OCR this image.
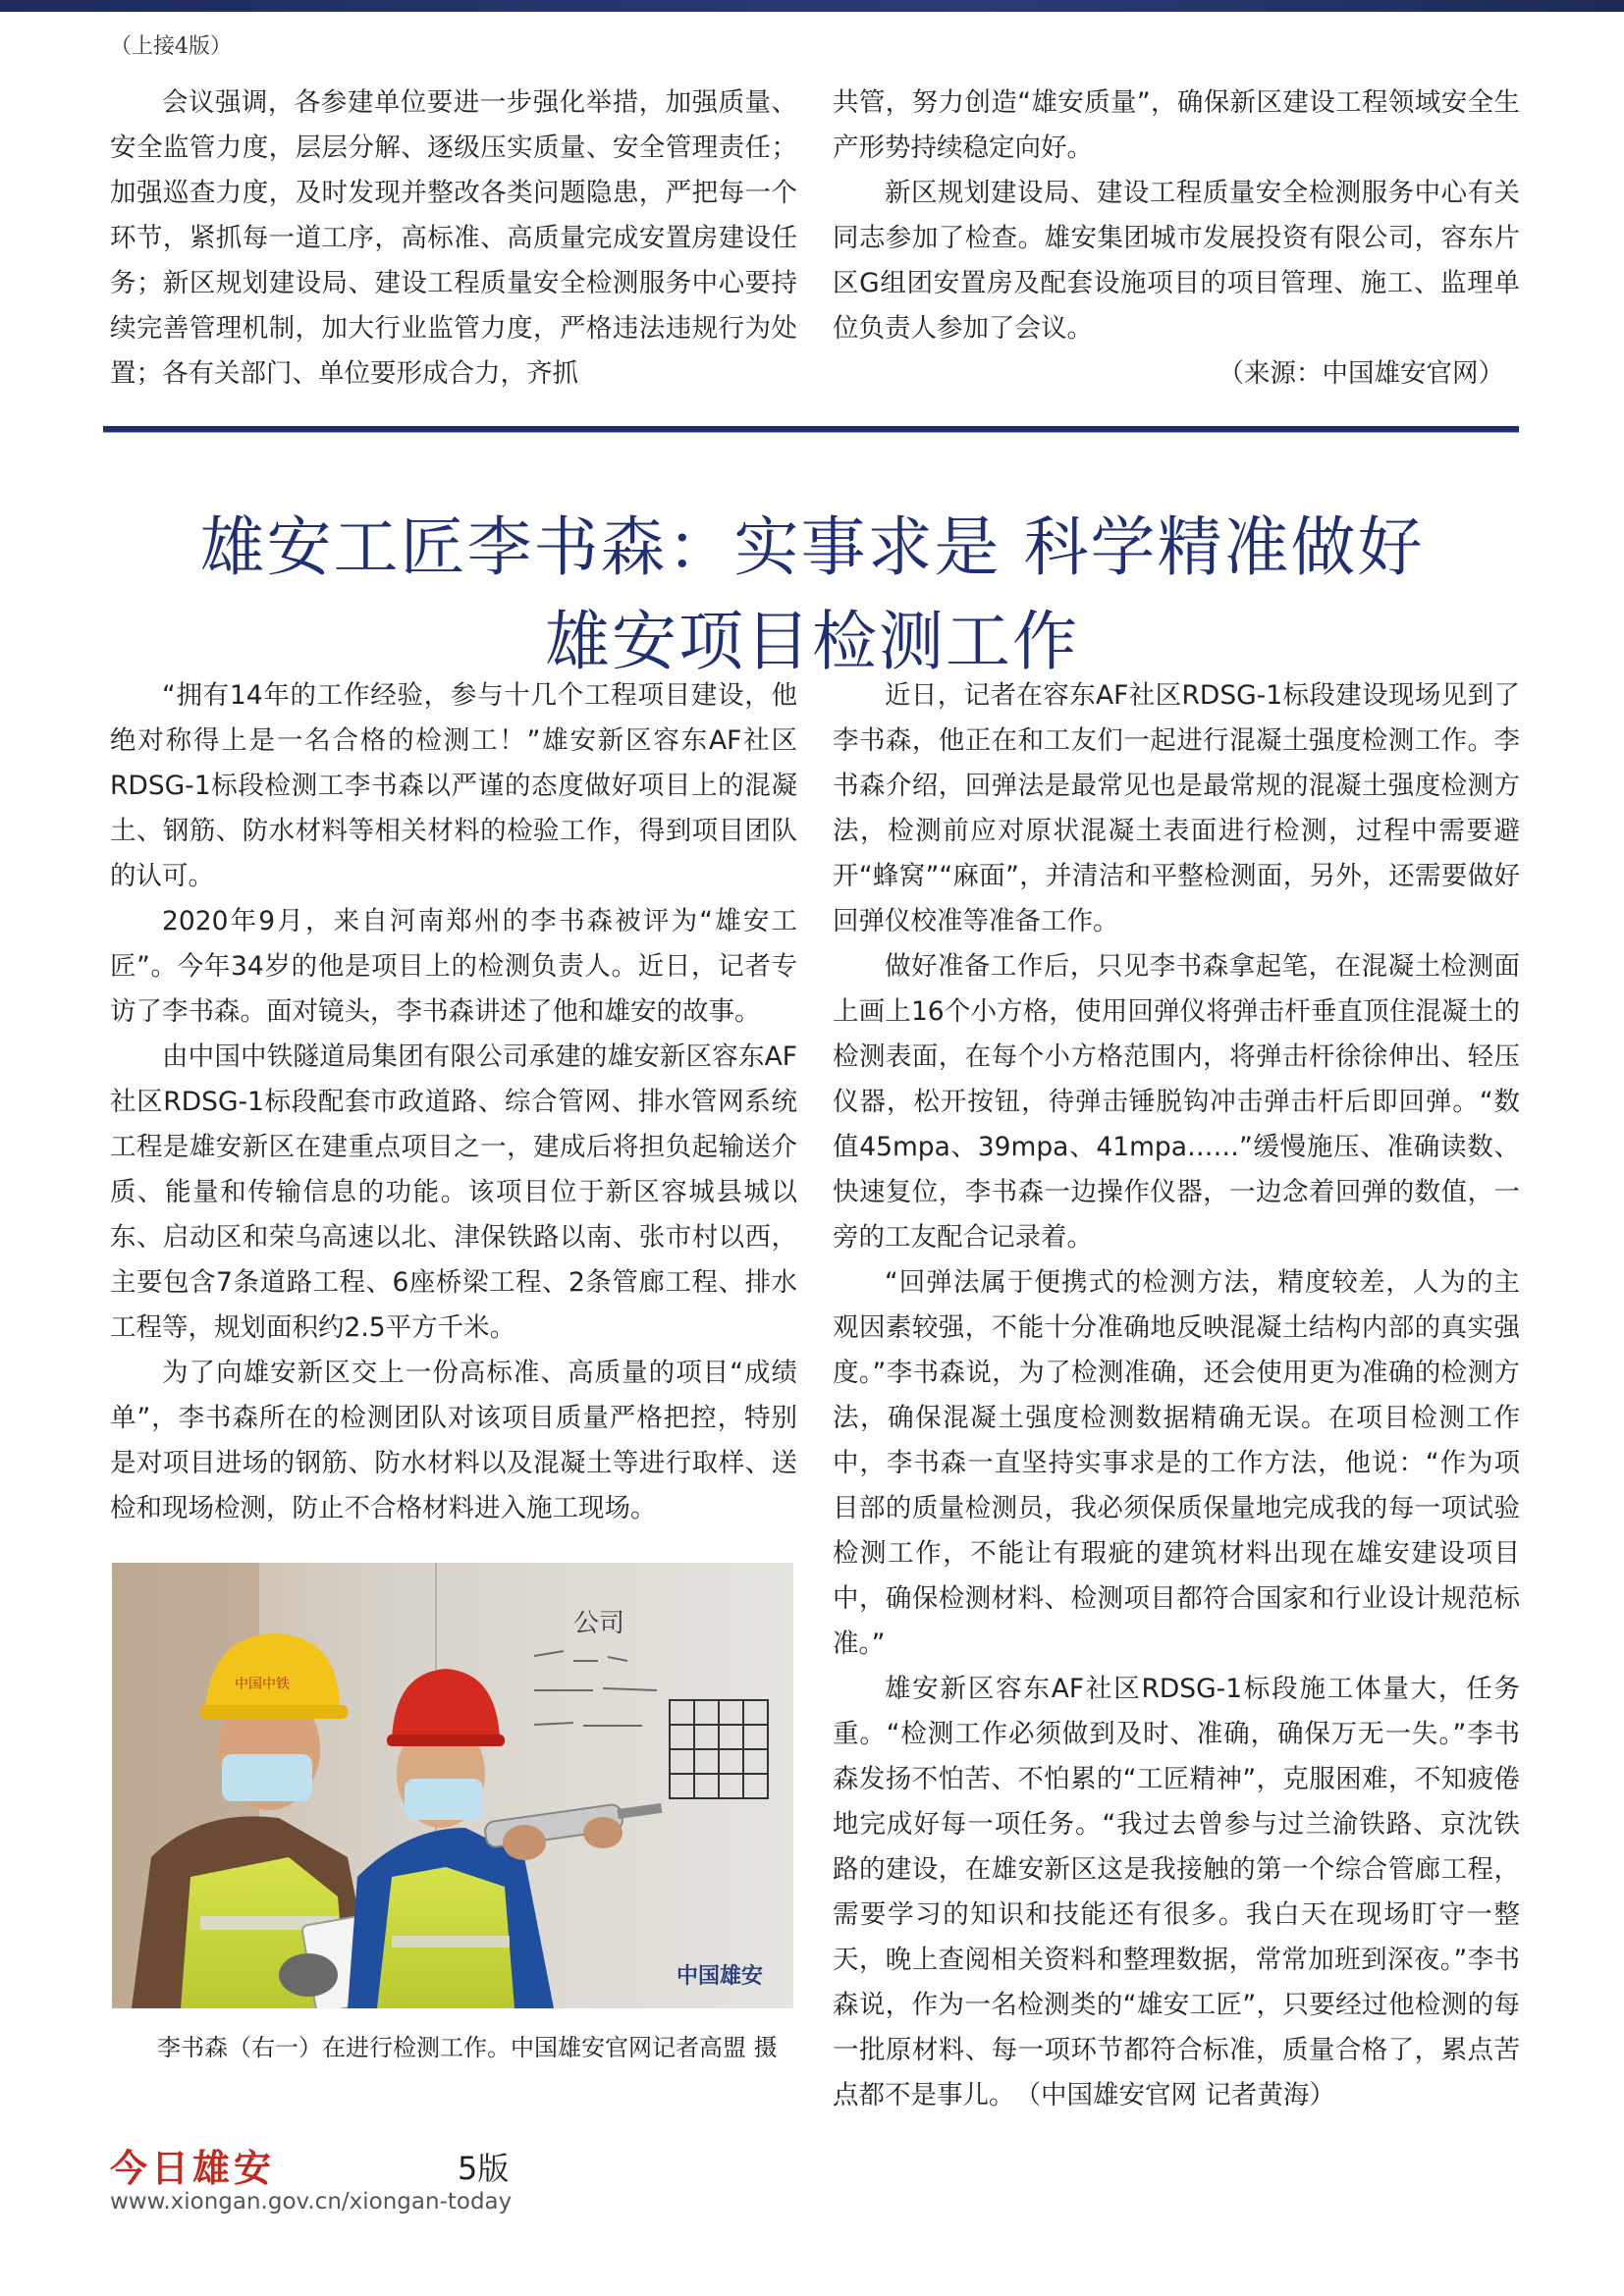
（上接4版）

会议强调，各参建单位要进一步强化举措，加强质量、安全监管力度，层层分解、逐级压实质量、安全管理责任；加强巡查力度，及时发现并整改各类问题隐患，严把每一个环节，紧抓每一道工序，高标准、高质量完成安置房建设任务；新区规划建设局、建设工程质量安全检测服务中心要持续完善管理机制，加大行业监管力度，严格违法违规行为处置；各有关部门、单位要形成合力，齐抓

共管，努力创造“雄安质量”，确保新区建设工程领域安全生产形势持续稳定向好。

新区规划建设局、建设工程质量安全检测服务中心有关同志参加了检查。雄安集团城市发展投资有限公司，容东片区G组团安置房及配套设施项目的项目管理、施工、监理单位负责人参加了会议。

（来源：中国雄安官网）

雄安工匠李书森：实事求是 科学精准做好
雄安项目检测工作

“拥有14年的工作经验，参与十几个工程项目建设，他绝对称得上是一名合格的检测工！”雄安新区容东AF社区RDSG-1标段检测工李书森以严谨的态度做好项目上的混凝土、钢筋、防水材料等相关材料的检验工作，得到项目团队的认可。

2020年9月，来自河南郑州的李书森被评为“雄安工匠”。今年34岁的他是项目上的检测负责人。近日，记者专访了李书森。面对镜头，李书森讲述了他和雄安的故事。

由中国中铁隧道局集团有限公司承建的雄安新区容东AF社区RDSG-1标段配套市政道路、综合管网、排水管网系统工程是雄安新区在建重点项目之一，建成后将担负起输送介质、能量和传输信息的功能。该项目位于新区容城县城以东、启动区和荣乌高速以北、津保铁路以南、张市村以西，主要包含7条道路工程、6座桥梁工程、2条管廊工程、排水工程等，规划面积约2.5平方千米。

为了向雄安新区交上一份高标准、高质量的项目“成绩单”，李书森所在的检测团队对该项目质量严格把控，特别是对项目进场的钢筋、防水材料以及混凝土等进行取样、送检和现场检测，防止不合格材料进入施工现场。

公司
中国中铁
中国雄安
李书森（右一）在进行检测工作。中国雄安官网记者高盟 摄

近日，记者在容东AF社区RDSG-1标段建设现场见到了李书森，他正在和工友们一起进行混凝土强度检测工作。李书森介绍，回弹法是最常见也是最常规的混凝土强度检测方法，检测前应对原状混凝土表面进行检测，过程中需要避开“蜂窝”“麻面”，并清洁和平整检测面，另外，还需要做好回弹仪校准等准备工作。

做好准备工作后，只见李书森拿起笔，在混凝土检测面上画上16个小方格，使用回弹仪将弹击杆垂直顶住混凝土的检测表面，在每个小方格范围内，将弹击杆徐徐伸出、轻压仪器，松开按钮，待弹击锤脱钩冲击弹击杆后即回弹。“数值45mpa、39mpa、41mpa……”缓慢施压、准确读数、快速复位，李书森一边操作仪器，一边念着回弹的数值，一旁的工友配合记录着。

“回弹法属于便携式的检测方法，精度较差，人为的主观因素较强，不能十分准确地反映混凝土结构内部的真实强度。”李书森说，为了检测准确，还会使用更为准确的检测方法，确保混凝土强度检测数据精确无误。在项目检测工作中，李书森一直坚持实事求是的工作方法，他说：“作为项目部的质量检测员，我必须保质保量地完成我的每一项试验检测工作，不能让有瑕疵的建筑材料出现在雄安建设项目中，确保检测材料、检测项目都符合国家和行业设计规范标准。”

雄安新区容东AF社区RDSG-1标段施工体量大，任务重。“检测工作必须做到及时、准确，确保万无一失。”李书森发扬不怕苦、不怕累的“工匠精神”，克服困难，不知疲倦地完成好每一项任务。“我过去曾参与过兰渝铁路、京沈铁路的建设，在雄安新区这是我接触的第一个综合管廊工程，需要学习的知识和技能还有很多。我白天在现场盯守一整天，晚上查阅相关资料和整理数据，常常加班到深夜。”李书森说，作为一名检测类的“雄安工匠”，只要经过他检测的每一批原材料、每一项环节都符合标准，质量合格了，累点苦点都不是事儿。　（中国雄安官网 记者黄海）

今日雄安	5版
www.xiongan.gov.cn/xiongan-today
